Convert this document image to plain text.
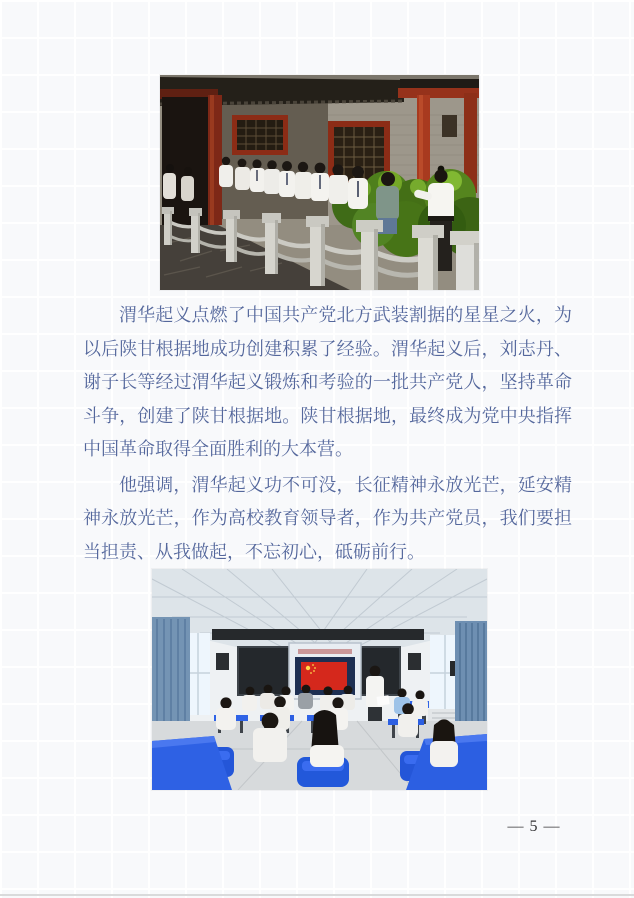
渭华起义点燃了中国共产党北方武装割据的星星之火，为以后陕甘根据地成功创建积累了经验。渭华起义后，刘志丹、谢子长等经过渭华起义锻炼和考验的一批共产党人，坚持革命斗争，创建了陕甘根据地。陕甘根据地，最终成为党中央指挥中国革命取得全面胜利的大本营。

他强调，渭华起义功不可没，长征精神永放光芒，延安精神永放光芒，作为高校教育领导者，作为共产党员，我们要担当担责、从我做起，不忘初心，砥砺前行。

— 5 —
